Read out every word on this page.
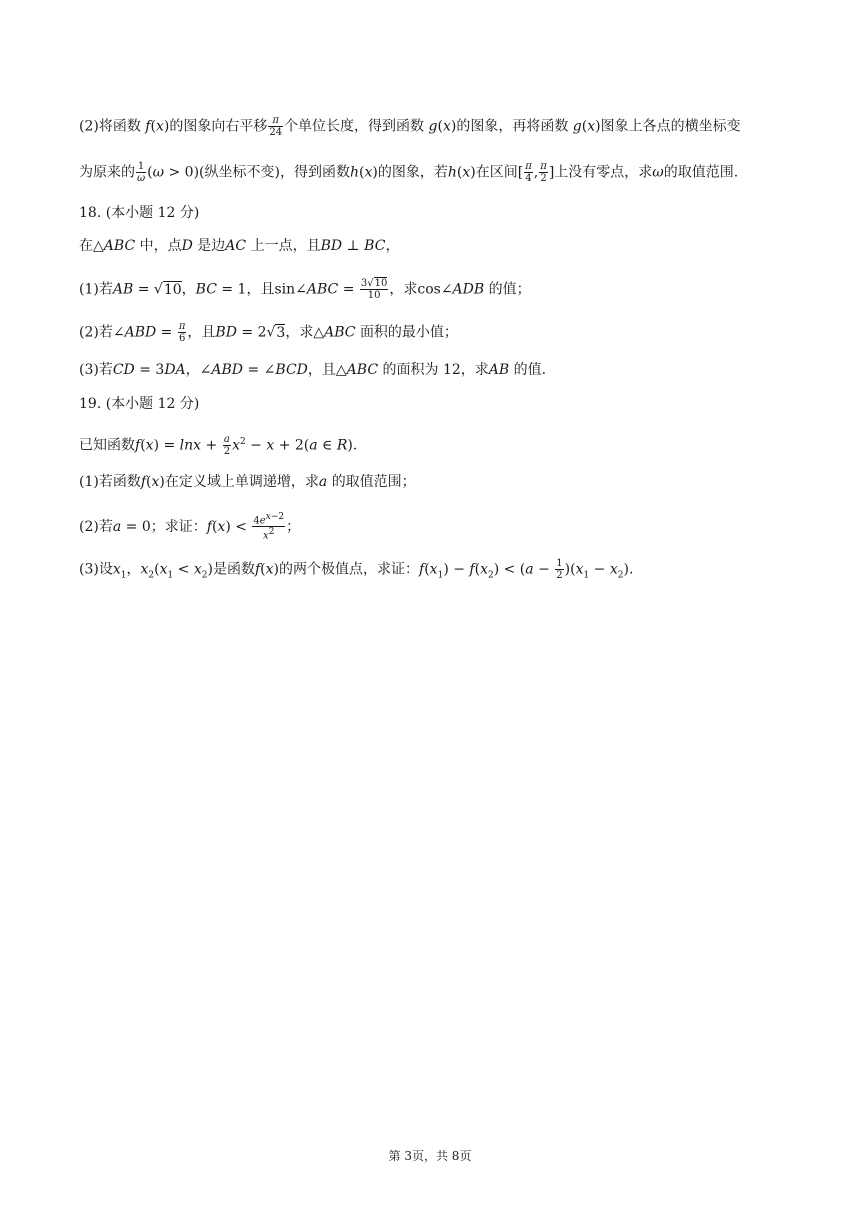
(2)将函数 f(x)的图象向右平移 $\frac{\pi}{24}$ 个单位长度，得到函数 g(x)的图象，再将函数 g(x)图象上各点的横坐标变
为原来的 $\frac{1}{\omega} (\omega > 0)$(纵坐标不变)，得到函数h(x)的图象，若h(x)在区间[ $\frac{\pi}{4}$ , $\frac{\pi}{2}$ ]上没有零点，求ω的取值范围.
18. (本小题 12 分)
在△ABC 中，点D 是边AC 上一点，且BD ⊥ BC，
(1)若AB = √10，BC = 1，且sin∠ABC = $\frac{3√10}{10}$ ，求cos∠ADB 的值；
(2)若∠ABD = $\frac{\pi}{6}$ ，且BD = 2√3，求△ABC 面积的最小值；
(3)若CD = 3DA，∠ABD = ∠BCD，且△ABC 的面积为 12，求AB 的值.
19. (本小题 12 分)
已知函数$f(x) = \ln x + \frac{a}{2} x^2 - x + 2(a$ ∈ R).
(1)若函数f(x)在定义域上单调递增，求a 的取值范围；
(2)若a = 0；求证：$f(x) < \frac{4e^{x-2}}{x^2}$ ；
(3)设$x_1$，$x_2(x_1 < x_2)$是函数f(x)的两个极值点，求证：$f(x_1) - f(x_2) < (a - \frac{1}{2} )(x_1 - x_2)$.
第 3页，共 8页
